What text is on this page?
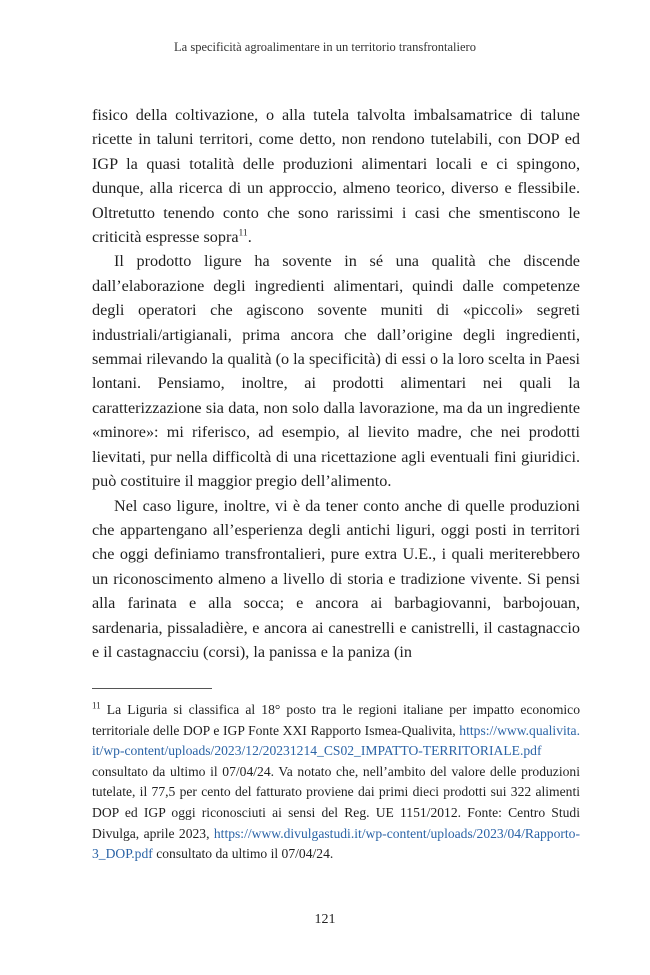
La specificità agroalimentare in un territorio transfrontaliero

fisico della coltivazione, o alla tutela talvolta imbalsamatrice di talune ricette in taluni territori, come detto, non rendono tutelabili, con DOP ed IGP la quasi totalità delle produzioni alimentari locali e ci spingono, dunque, alla ricerca di un approccio, almeno teorico, diverso e flessibile. Oltretutto tenendo conto che sono rarissimi i casi che smentiscono le criticità espresse sopra$^{11}$.

Il prodotto ligure ha sovente in sé una qualità che discende dall’elaborazione degli ingredienti alimentari, quindi dalle competenze degli operatori che agiscono sovente muniti di «piccoli» segreti industriali/artigianali, prima ancora che dall’origine degli ingredienti, semmai rilevando la qualità (o la specificità) di essi o la loro scelta in Paesi lontani. Pensiamo, inoltre, ai prodotti alimentari nei quali la caratterizzazione sia data, non solo dalla lavorazione, ma da un ingrediente «minore»: mi riferisco, ad esempio, al lievito madre, che nei prodotti lievitati, pur nella difficoltà di una ricettazione agli eventuali fini giuridici. può costituire il maggior pregio dell’alimento.

Nel caso ligure, inoltre, vi è da tener conto anche di quelle produzioni che appartengano all’esperienza degli antichi liguri, oggi posti in territori che oggi definiamo transfrontalieri, pure extra U.E., i quali meriterebbero un riconoscimento almeno a livello di storia e tradizione vivente. Si pensi alla farinata e alla socca; e ancora ai barbagiovanni, barbojouan, sardenaria, pissaladière, e ancora ai canestrelli e canistrelli, il castagnaccio e il castagnacciu (corsi), la panissa e la paniza (in

$^{11}$ La Liguria si classifica al 18° posto tra le regioni italiane per impatto economico territoriale delle DOP e IGP Fonte XXI Rapporto Ismea-Qualivita, https://www.qualivita.it/wp-content/uploads/2023/12/20231214_CS02_IMPATTO-TERRITORIALE.pdf consultato da ultimo il 07/04/24. Va notato che, nell’ambito del valore delle produzioni tutelate, il 77,5 per cento del fatturato proviene dai primi dieci prodotti sui 322 alimenti DOP ed IGP oggi riconosciuti ai sensi del Reg. UE 1151/2012. Fonte: Centro Studi Divulga, aprile 2023, https://www.divulgastudi.it/wp-content/uploads/2023/04/Rapporto-3_DOP.pdf consultato da ultimo il 07/04/24.

121
